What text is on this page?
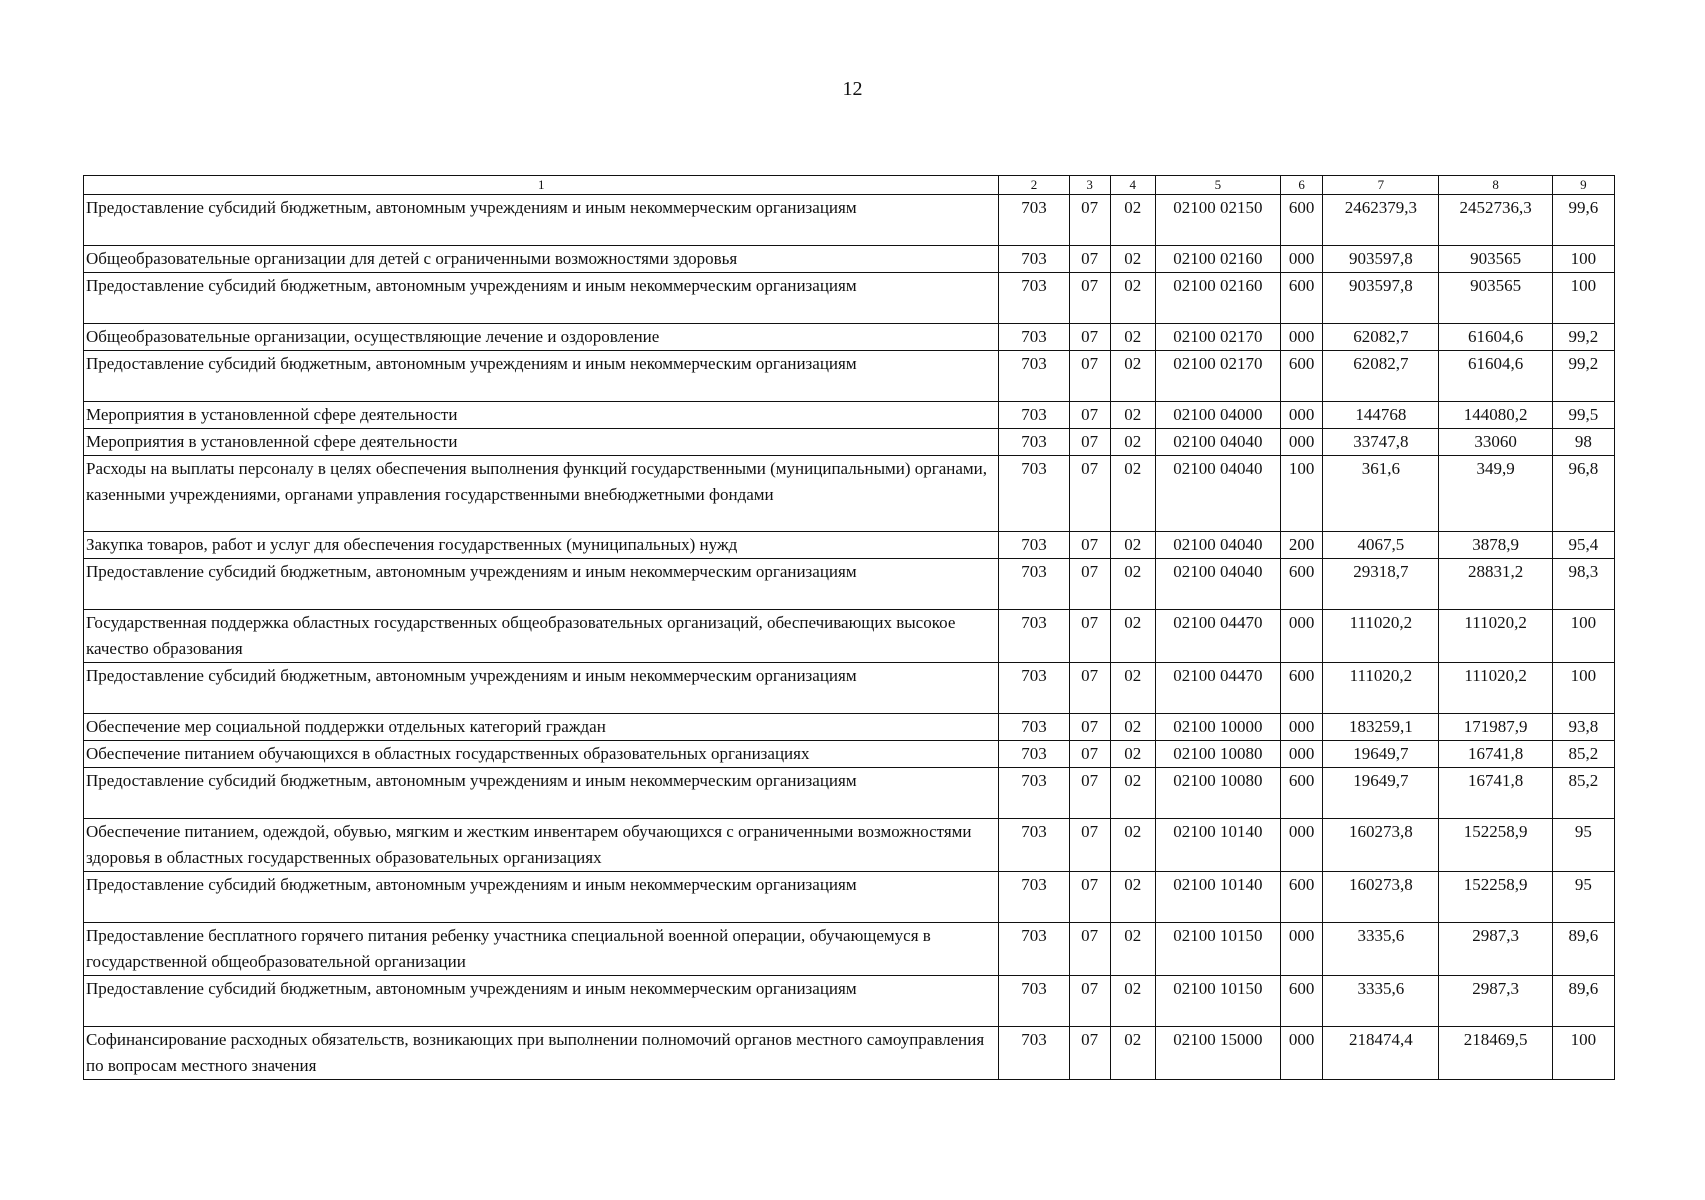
12
1	2	3	4	5	6	7	8	9
Предоставление субсидий бюджетным, автономным учреждениям и иным некоммерческим организациям	703	07	02	02100 02150	600	2462379,3	2452736,3	99,6
Общеобразовательные организации для детей с ограниченными возможностями здоровья	703	07	02	02100 02160	000	903597,8	903565	100
Предоставление субсидий бюджетным, автономным учреждениям и иным некоммерческим организациям	703	07	02	02100 02160	600	903597,8	903565	100
Общеобразовательные организации, осуществляющие лечение и оздоровление	703	07	02	02100 02170	000	62082,7	61604,6	99,2
Предоставление субсидий бюджетным, автономным учреждениям и иным некоммерческим организациям	703	07	02	02100 02170	600	62082,7	61604,6	99,2
Мероприятия в установленной сфере деятельности	703	07	02	02100 04000	000	144768	144080,2	99,5
Мероприятия в установленной сфере деятельности	703	07	02	02100 04040	000	33747,8	33060	98
Расходы на выплаты персоналу в целях обеспечения выполнения функций государственными (муниципальными) органами, казенными учреждениями, органами управления государственными внебюджетными фондами	703	07	02	02100 04040	100	361,6	349,9	96,8
Закупка товаров, работ и услуг для обеспечения государственных (муниципальных) нужд	703	07	02	02100 04040	200	4067,5	3878,9	95,4
Предоставление субсидий бюджетным, автономным учреждениям и иным некоммерческим организациям	703	07	02	02100 04040	600	29318,7	28831,2	98,3
Государственная поддержка областных государственных общеобразовательных организаций, обеспечивающих высокое качество образования	703	07	02	02100 04470	000	111020,2	111020,2	100
Предоставление субсидий бюджетным, автономным учреждениям и иным некоммерческим организациям	703	07	02	02100 04470	600	111020,2	111020,2	100
Обеспечение мер социальной поддержки отдельных категорий граждан	703	07	02	02100 10000	000	183259,1	171987,9	93,8
Обеспечение питанием обучающихся в областных государственных образовательных организациях	703	07	02	02100 10080	000	19649,7	16741,8	85,2
Предоставление субсидий бюджетным, автономным учреждениям и иным некоммерческим организациям	703	07	02	02100 10080	600	19649,7	16741,8	85,2
Обеспечение питанием, одеждой, обувью, мягким и жестким инвентарем обучающихся с ограниченными возможностями здоровья в областных государственных образовательных организациях	703	07	02	02100 10140	000	160273,8	152258,9	95
Предоставление субсидий бюджетным, автономным учреждениям и иным некоммерческим организациям	703	07	02	02100 10140	600	160273,8	152258,9	95
Предоставление бесплатного горячего питания ребенку участника специальной военной операции, обучающемуся в государственной общеобразовательной организации	703	07	02	02100 10150	000	3335,6	2987,3	89,6
Предоставление субсидий бюджетным, автономным учреждениям и иным некоммерческим организациям	703	07	02	02100 10150	600	3335,6	2987,3	89,6
Софинансирование расходных обязательств, возникающих при выполнении полномочий органов местного самоуправления по вопросам местного значения	703	07	02	02100 15000	000	218474,4	218469,5	100
